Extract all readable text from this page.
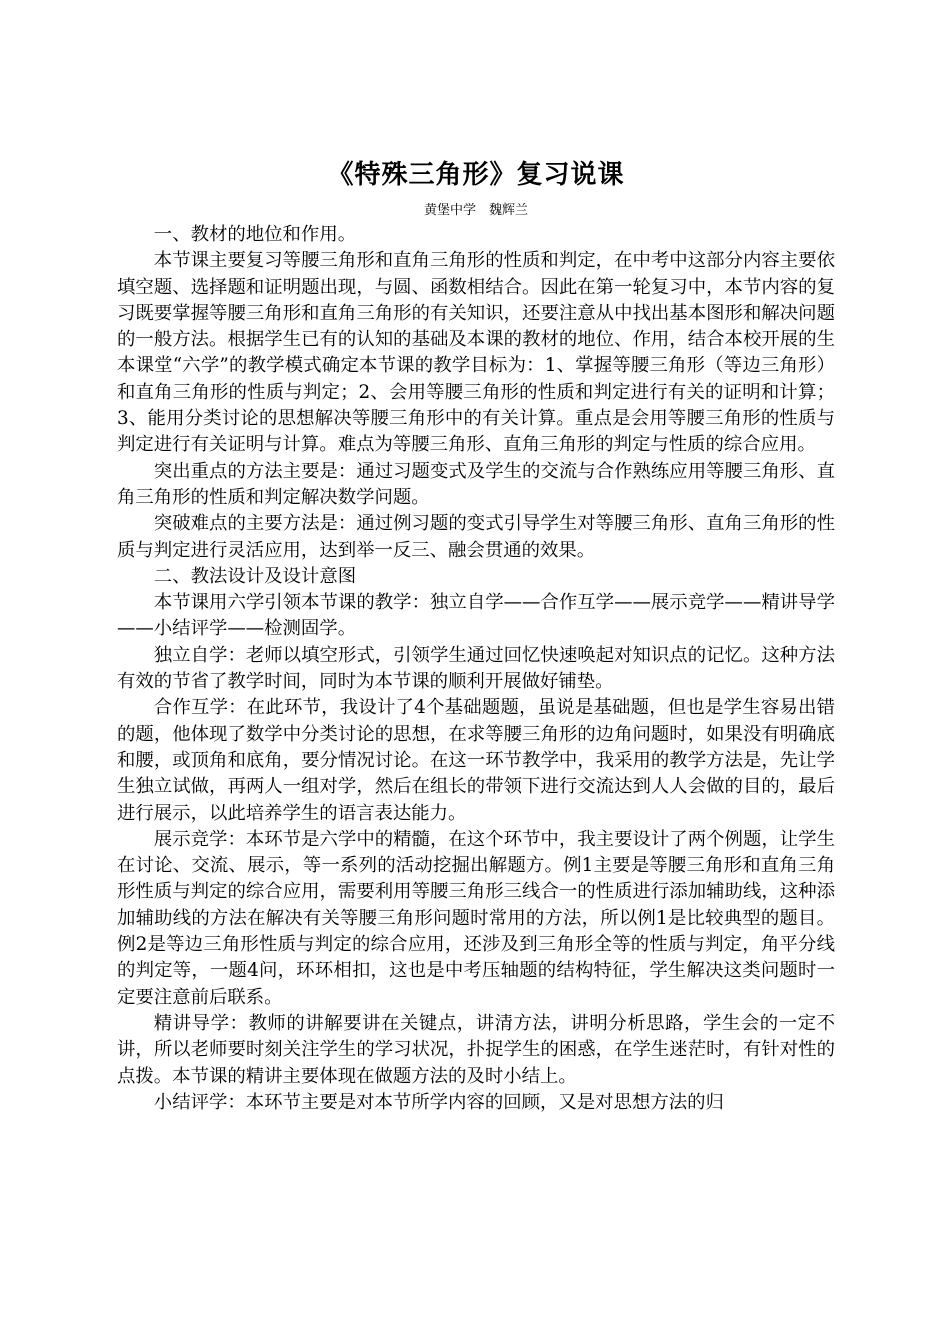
《特殊三角形》复习说课

黄堡中学　魏辉兰

一、教材的地位和作用。

本节课主要复习等腰三角形和直角三角形的性质和判定，在中考中这部分内容主要依填空题、选择题和证明题出现，与圆、函数相结合。因此在第一轮复习中，本节内容的复习既要掌握等腰三角形和直角三角形的有关知识，还要注意从中找出基本图形和解决问题的一般方法。根据学生已有的认知的基础及本课的教材的地位、作用，结合本校开展的生本课堂“六学”的教学模式确定本节课的教学目标为：1、掌握等腰三角形（等边三角形）和直角三角形的性质与判定；2、会用等腰三角形的性质和判定进行有关的证明和计算；3、能用分类讨论的思想解决等腰三角形中的有关计算。重点是会用等腰三角形的性质与判定进行有关证明与计算。难点为等腰三角形、直角三角形的判定与性质的综合应用。

突出重点的方法主要是：通过习题变式及学生的交流与合作熟练应用等腰三角形、直角三角形的性质和判定解决数学问题。

突破难点的主要方法是：通过例习题的变式引导学生对等腰三角形、直角三角形的性质与判定进行灵活应用，达到举一反三、融会贯通的效果。

二、教法设计及设计意图

本节课用六学引领本节课的教学：独立自学——合作互学——展示竞学——精讲导学——小结评学——检测固学。

独立自学：老师以填空形式，引领学生通过回忆快速唤起对知识点的记忆。这种方法有效的节省了教学时间，同时为本节课的顺利开展做好铺垫。

合作互学：在此环节，我设计了4个基础题题，虽说是基础题，但也是学生容易出错的题，他体现了数学中分类讨论的思想，在求等腰三角形的边角问题时，如果没有明确底和腰，或顶角和底角，要分情况讨论。在这一环节教学中，我采用的教学方法是，先让学生独立试做，再两人一组对学，然后在组长的带领下进行交流达到人人会做的目的，最后进行展示，以此培养学生的语言表达能力。

展示竞学：本环节是六学中的精髓，在这个环节中，我主要设计了两个例题，让学生在讨论、交流、展示，等一系列的活动挖掘出解题方。例1主要是等腰三角形和直角三角形性质与判定的综合应用，需要利用等腰三角形三线合一的性质进行添加辅助线，这种添加辅助线的方法在解决有关等腰三角形问题时常用的方法，所以例1是比较典型的题目。例2是等边三角形性质与判定的综合应用，还涉及到三角形全等的性质与判定，角平分线的判定等，一题4问，环环相扣，这也是中考压轴题的结构特征，学生解决这类问题时一定要注意前后联系。

精讲导学：教师的讲解要讲在关键点，讲清方法，讲明分析思路，学生会的一定不讲，所以老师要时刻关注学生的学习状况，扑捉学生的困惑，在学生迷茫时，有针对性的点拨。本节课的精讲主要体现在做题方法的及时小结上。

小结评学：本环节主要是对本节所学内容的回顾，又是对思想方法的归
